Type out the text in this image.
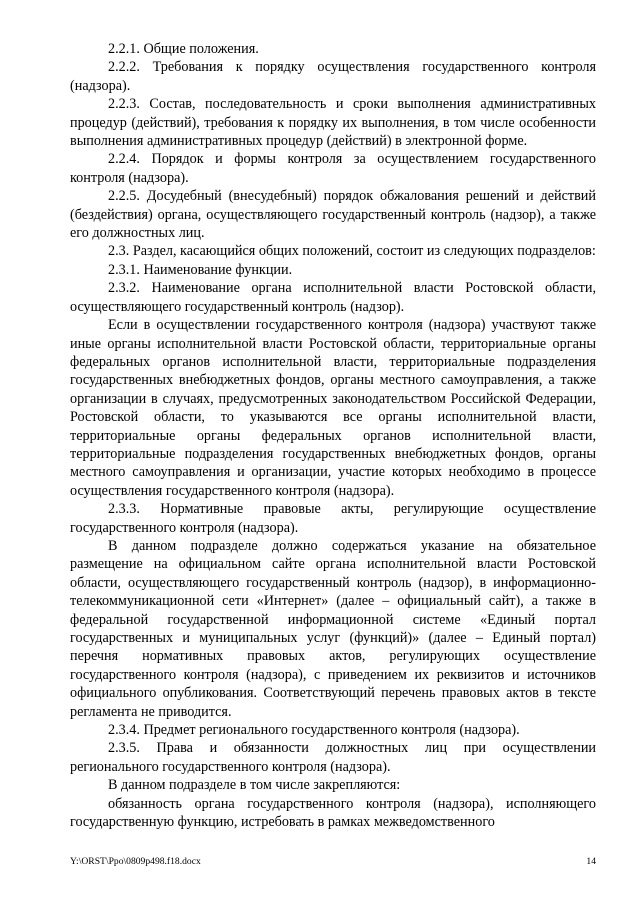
2.2.1. Общие положения.

2.2.2. Требования к порядку осуществления государственного контроля (надзора).

2.2.3. Состав, последовательность и сроки выполнения административных процедур (действий), требования к порядку их выполнения, в том числе особенности выполнения административных процедур (действий) в электронной форме.

2.2.4. Порядок и формы контроля за осуществлением государственного контроля (надзора).

2.2.5. Досудебный (внесудебный) порядок обжалования решений и действий (бездействия) органа, осуществляющего государственный контроль (надзор), а также его должностных лиц.

2.3. Раздел, касающийся общих положений, состоит из следующих подразделов:

2.3.1. Наименование функции.

2.3.2. Наименование органа исполнительной власти Ростовской области, осуществляющего государственный контроль (надзор).

Если в осуществлении государственного контроля (надзора) участвуют также иные органы исполнительной власти Ростовской области, территориальные органы федеральных органов исполнительной власти, территориальные подразделения государственных внебюджетных фондов, органы местного самоуправления, а также организации в случаях, предусмотренных законодательством Российской Федерации, Ростовской области, то указываются все органы исполнительной власти, территориальные органы федеральных органов исполнительной власти, территориальные подразделения государственных внебюджетных фондов, органы местного самоуправления и организации, участие которых необходимо в процессе осуществления государственного контроля (надзора).

2.3.3. Нормативные правовые акты, регулирующие осуществление государственного контроля (надзора).

В данном подразделе должно содержаться указание на обязательное размещение на официальном сайте органа исполнительной власти Ростовской области, осуществляющего государственный контроль (надзор), в информационно-телекоммуникационной сети «Интернет» (далее – официальный сайт), а также в федеральной государственной информационной системе «Единый портал государственных и муниципальных услуг (функций)» (далее – Единый портал) перечня нормативных правовых актов, регулирующих осуществление государственного контроля (надзора), с приведением их реквизитов и источников официального опубликования. Соответствующий перечень правовых актов в тексте регламента не приводится.

2.3.4. Предмет регионального государственного контроля (надзора).

2.3.5. Права и обязанности должностных лиц при осуществлении регионального государственного контроля (надзора).

В данном подразделе в том числе закрепляются:

обязанность органа государственного контроля (надзора), исполняющего государственную функцию, истребовать в рамках межведомственного

Y:\ORST\Ppo\0809p498.f18.docx	14
